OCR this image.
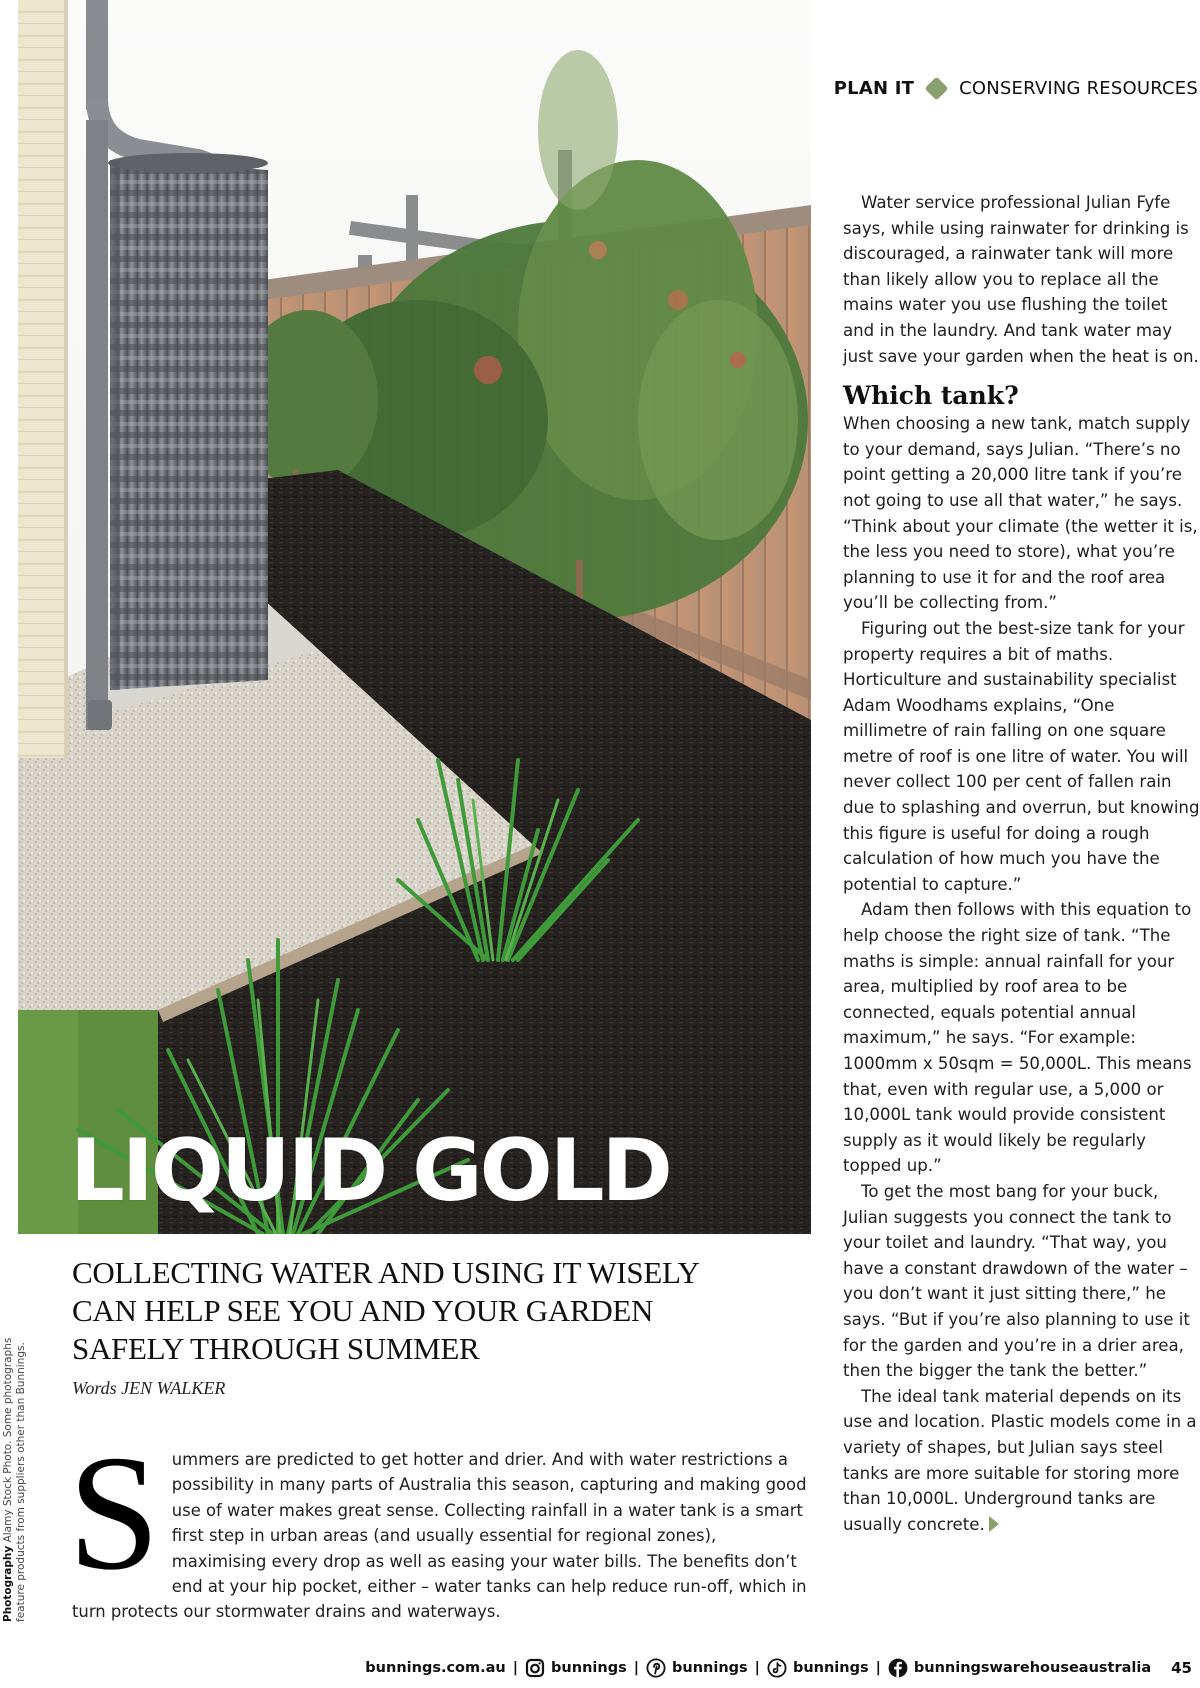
LIQUID GOLD
PLAN IT	CONSERVING RESOURCES

Water service professional Julian Fyfe says, while using rainwater for drinking is discouraged, a rainwater tank will more than likely allow you to replace all the mains water you use flushing the toilet and in the laundry. And tank water may just save your garden when the heat is on.

Which tank?

When choosing a new tank, match supply to your demand, says Julian. “There’s no point getting a 20,000 litre tank if you’re not going to use all that water,” he says. “Think about your climate (the wetter it is, the less you need to store), what you’re planning to use it for and the roof area you’ll be collecting from.”

Figuring out the best-size tank for your property requires a bit of maths. Horticulture and sustainability specialist Adam Woodhams explains, “One millimetre of rain falling on one square metre of roof is one litre of water. You will never collect 100 per cent of fallen rain due to splashing and overrun, but knowing this figure is useful for doing a rough calculation of how much you have the potential to capture.”

Adam then follows with this equation to help choose the right size of tank. “The maths is simple: annual rainfall for your area, multiplied by roof area to be connected, equals potential annual maximum,” he says. “For example: 1000mm x 50sqm = 50,000L. This means that, even with regular use, a 5,000 or 10,000L tank would provide consistent supply as it would likely be regularly topped up.”

To get the most bang for your buck, Julian suggests you connect the tank to your toilet and laundry. “That way, you have a constant drawdown of the water – you don’t want it just sitting there,” he says. “But if you’re also planning to use it for the garden and you’re in a drier area, then the bigger the tank the better.”

The ideal tank material depends on its use and location. Plastic models come in a variety of shapes, but Julian says steel tanks are more suitable for storing more than 10,000L. Underground tanks are usually concrete.

COLLECTING WATER AND USING IT WISELY
CAN HELP SEE YOU AND YOUR GARDEN
SAFELY THROUGH SUMMER
Words JEN WALKER
Summers are predicted to get hotter and drier. And with water restrictions a possibility in many parts of Australia this season, capturing and making good use of water makes great sense. Collecting rainfall in a water tank is a smart first step in urban areas (and usually essential for regional zones), maximising every drop as well as easing your water bills. The benefits don’t end at your hip pocket, either – water tanks can help reduce run-off, which in turn protects our stormwater drains and waterways.
Photography Alamy Stock Photo. Some photographs feature products from suppliers other than Bunnings.
bunnings.com.au | bunnings | bunnings | bunnings | bunningswarehouseaustralia 45
